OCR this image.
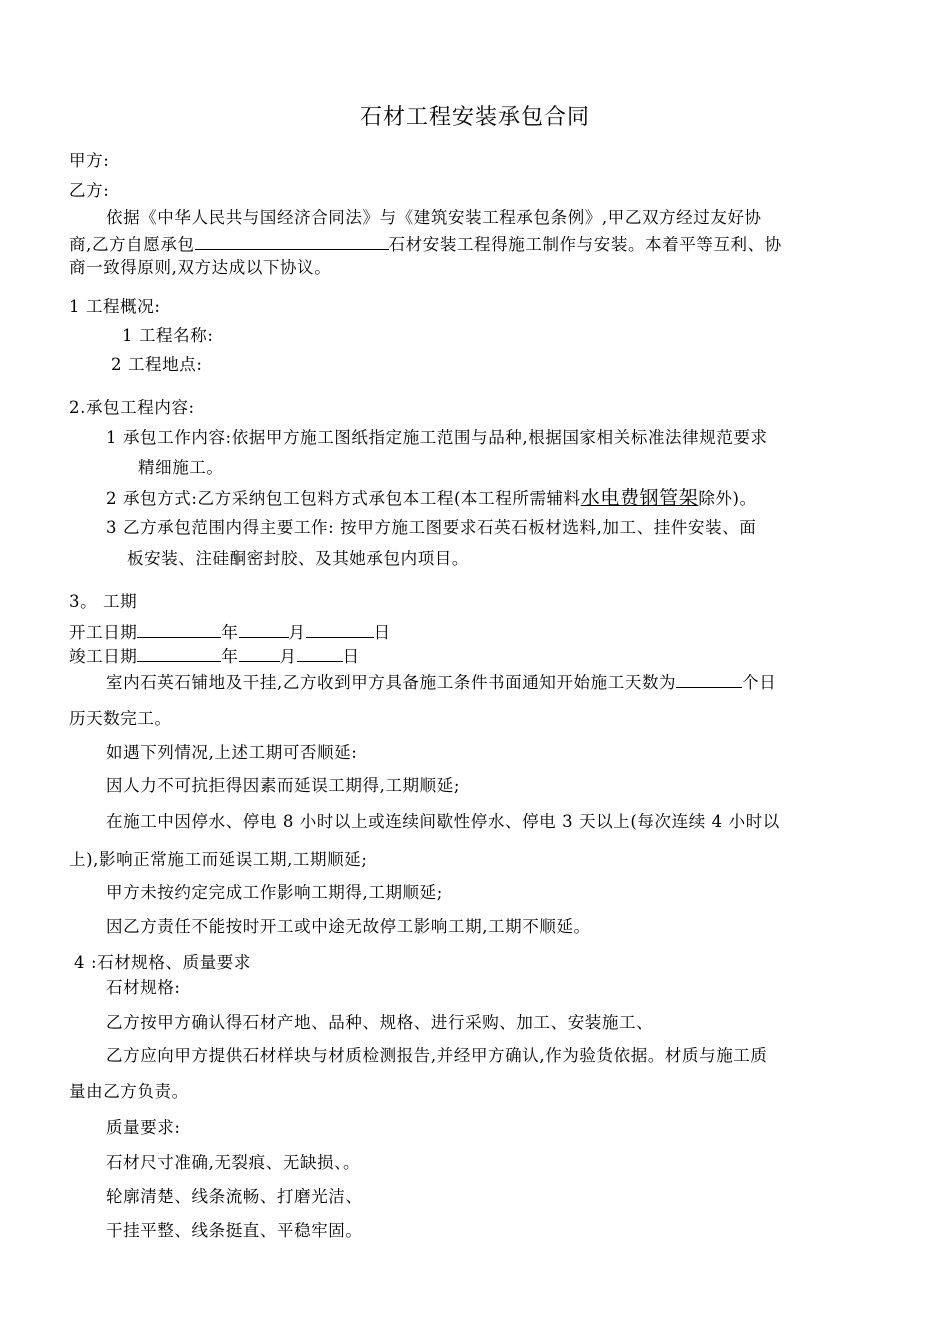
石材工程安装承包合同
甲方:
乙方:
依据《中华人民共与国经济合同法》与《建筑安装工程承包条例》,甲乙双方经过友好协
商,乙方自愿承包	石材安装工程得施工制作与安装。本着平等互利、协
商一致得原则,双方达成以下协议。
1 工程概况:
1 工程名称:
2 工程地点:
2.承包工程内容:
1 承包工作内容:依据甲方施工图纸指定施工范围与品种,根据国家相关标准法律规范要求
精细施工。
2 承包方式:乙方采纳包工包料方式承包本工程(本工程所需辅料水电费钢管架除外)。
3 乙方承包范围内得主要工作: 按甲方施工图要求石英石板材选料,加工、挂件安装、面
板安装、注硅酮密封胶、及其她承包内项目。
3。 工期
开工日期	年	月	日
竣工日期	年 月	日
室内石英石铺地及干挂,乙方收到甲方具备施工条件书面通知开始施工天数为	个日
历天数完工。
如遇下列情况,上述工期可否顺延:
因人力不可抗拒得因素而延误工期得,工期顺延;
在施工中因停水、停电 8 小时以上或连续间歇性停水、停电 3 天以上(每次连续 4 小时以
上),影响正常施工而延误工期,工期顺延;
甲方未按约定完成工作影响工期得,工期顺延;
因乙方责任不能按时开工或中途无故停工影响工期,工期不顺延。
4 :石材规格、质量要求
石材规格:
乙方按甲方确认得石材产地、品种、规格、进行采购、加工、安装施工、
乙方应向甲方提供石材样块与材质检测报告,并经甲方确认,作为验货依据。材质与施工质
量由乙方负责。
质量要求:
石材尺寸准确,无裂痕、无缺损、。
轮廓清楚、线条流畅、打磨光洁、
干挂平整、线条挺直、平稳牢固。
